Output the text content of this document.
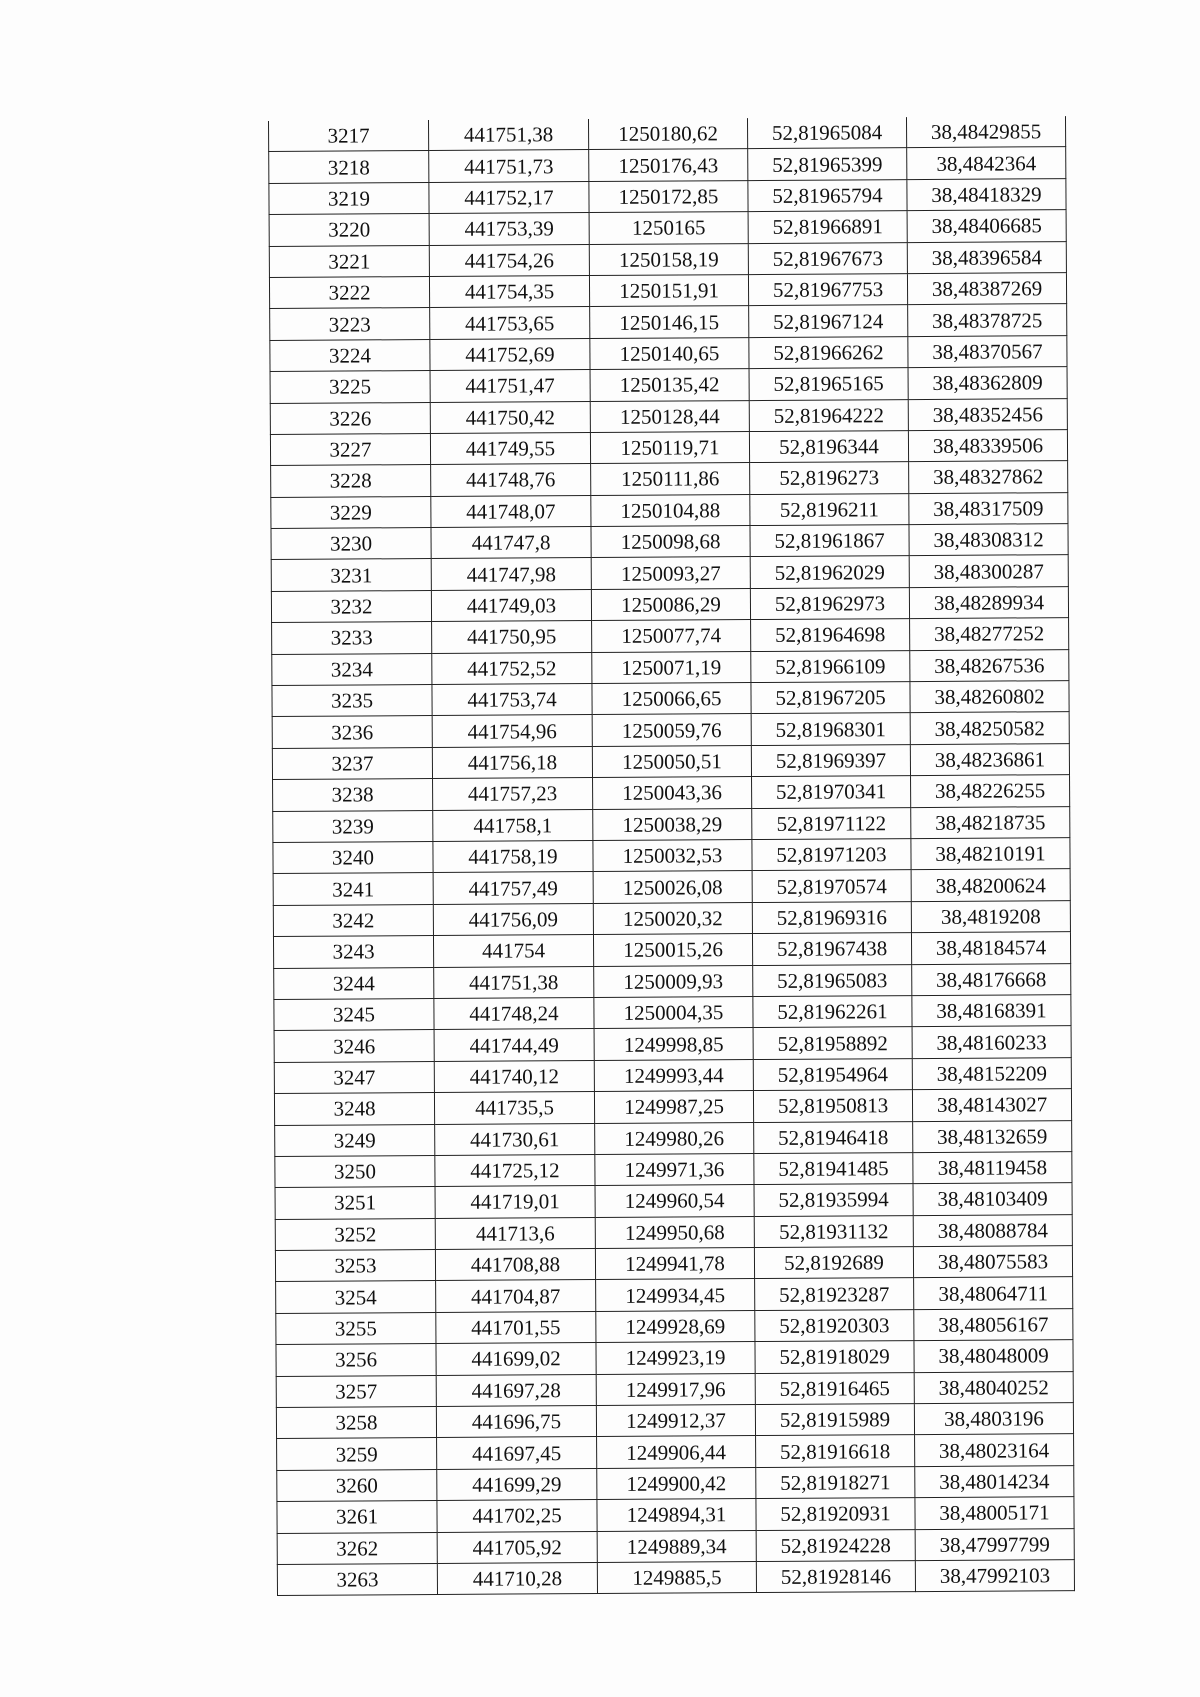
3217	441751,38	1250180,62	52,81965084	38,48429855
3218	441751,73	1250176,43	52,81965399	38,4842364
3219	441752,17	1250172,85	52,81965794	38,48418329
3220	441753,39	1250165	52,81966891	38,48406685
3221	441754,26	1250158,19	52,81967673	38,48396584
3222	441754,35	1250151,91	52,81967753	38,48387269
3223	441753,65	1250146,15	52,81967124	38,48378725
3224	441752,69	1250140,65	52,81966262	38,48370567
3225	441751,47	1250135,42	52,81965165	38,48362809
3226	441750,42	1250128,44	52,81964222	38,48352456
3227	441749,55	1250119,71	52,8196344	38,48339506
3228	441748,76	1250111,86	52,8196273	38,48327862
3229	441748,07	1250104,88	52,8196211	38,48317509
3230	441747,8	1250098,68	52,81961867	38,48308312
3231	441747,98	1250093,27	52,81962029	38,48300287
3232	441749,03	1250086,29	52,81962973	38,48289934
3233	441750,95	1250077,74	52,81964698	38,48277252
3234	441752,52	1250071,19	52,81966109	38,48267536
3235	441753,74	1250066,65	52,81967205	38,48260802
3236	441754,96	1250059,76	52,81968301	38,48250582
3237	441756,18	1250050,51	52,81969397	38,48236861
3238	441757,23	1250043,36	52,81970341	38,48226255
3239	441758,1	1250038,29	52,81971122	38,48218735
3240	441758,19	1250032,53	52,81971203	38,48210191
3241	441757,49	1250026,08	52,81970574	38,48200624
3242	441756,09	1250020,32	52,81969316	38,4819208
3243	441754	1250015,26	52,81967438	38,48184574
3244	441751,38	1250009,93	52,81965083	38,48176668
3245	441748,24	1250004,35	52,81962261	38,48168391
3246	441744,49	1249998,85	52,81958892	38,48160233
3247	441740,12	1249993,44	52,81954964	38,48152209
3248	441735,5	1249987,25	52,81950813	38,48143027
3249	441730,61	1249980,26	52,81946418	38,48132659
3250	441725,12	1249971,36	52,81941485	38,48119458
3251	441719,01	1249960,54	52,81935994	38,48103409
3252	441713,6	1249950,68	52,81931132	38,48088784
3253	441708,88	1249941,78	52,8192689	38,48075583
3254	441704,87	1249934,45	52,81923287	38,48064711
3255	441701,55	1249928,69	52,81920303	38,48056167
3256	441699,02	1249923,19	52,81918029	38,48048009
3257	441697,28	1249917,96	52,81916465	38,48040252
3258	441696,75	1249912,37	52,81915989	38,4803196
3259	441697,45	1249906,44	52,81916618	38,48023164
3260	441699,29	1249900,42	52,81918271	38,48014234
3261	441702,25	1249894,31	52,81920931	38,48005171
3262	441705,92	1249889,34	52,81924228	38,47997799
3263	441710,28	1249885,5	52,81928146	38,47992103
